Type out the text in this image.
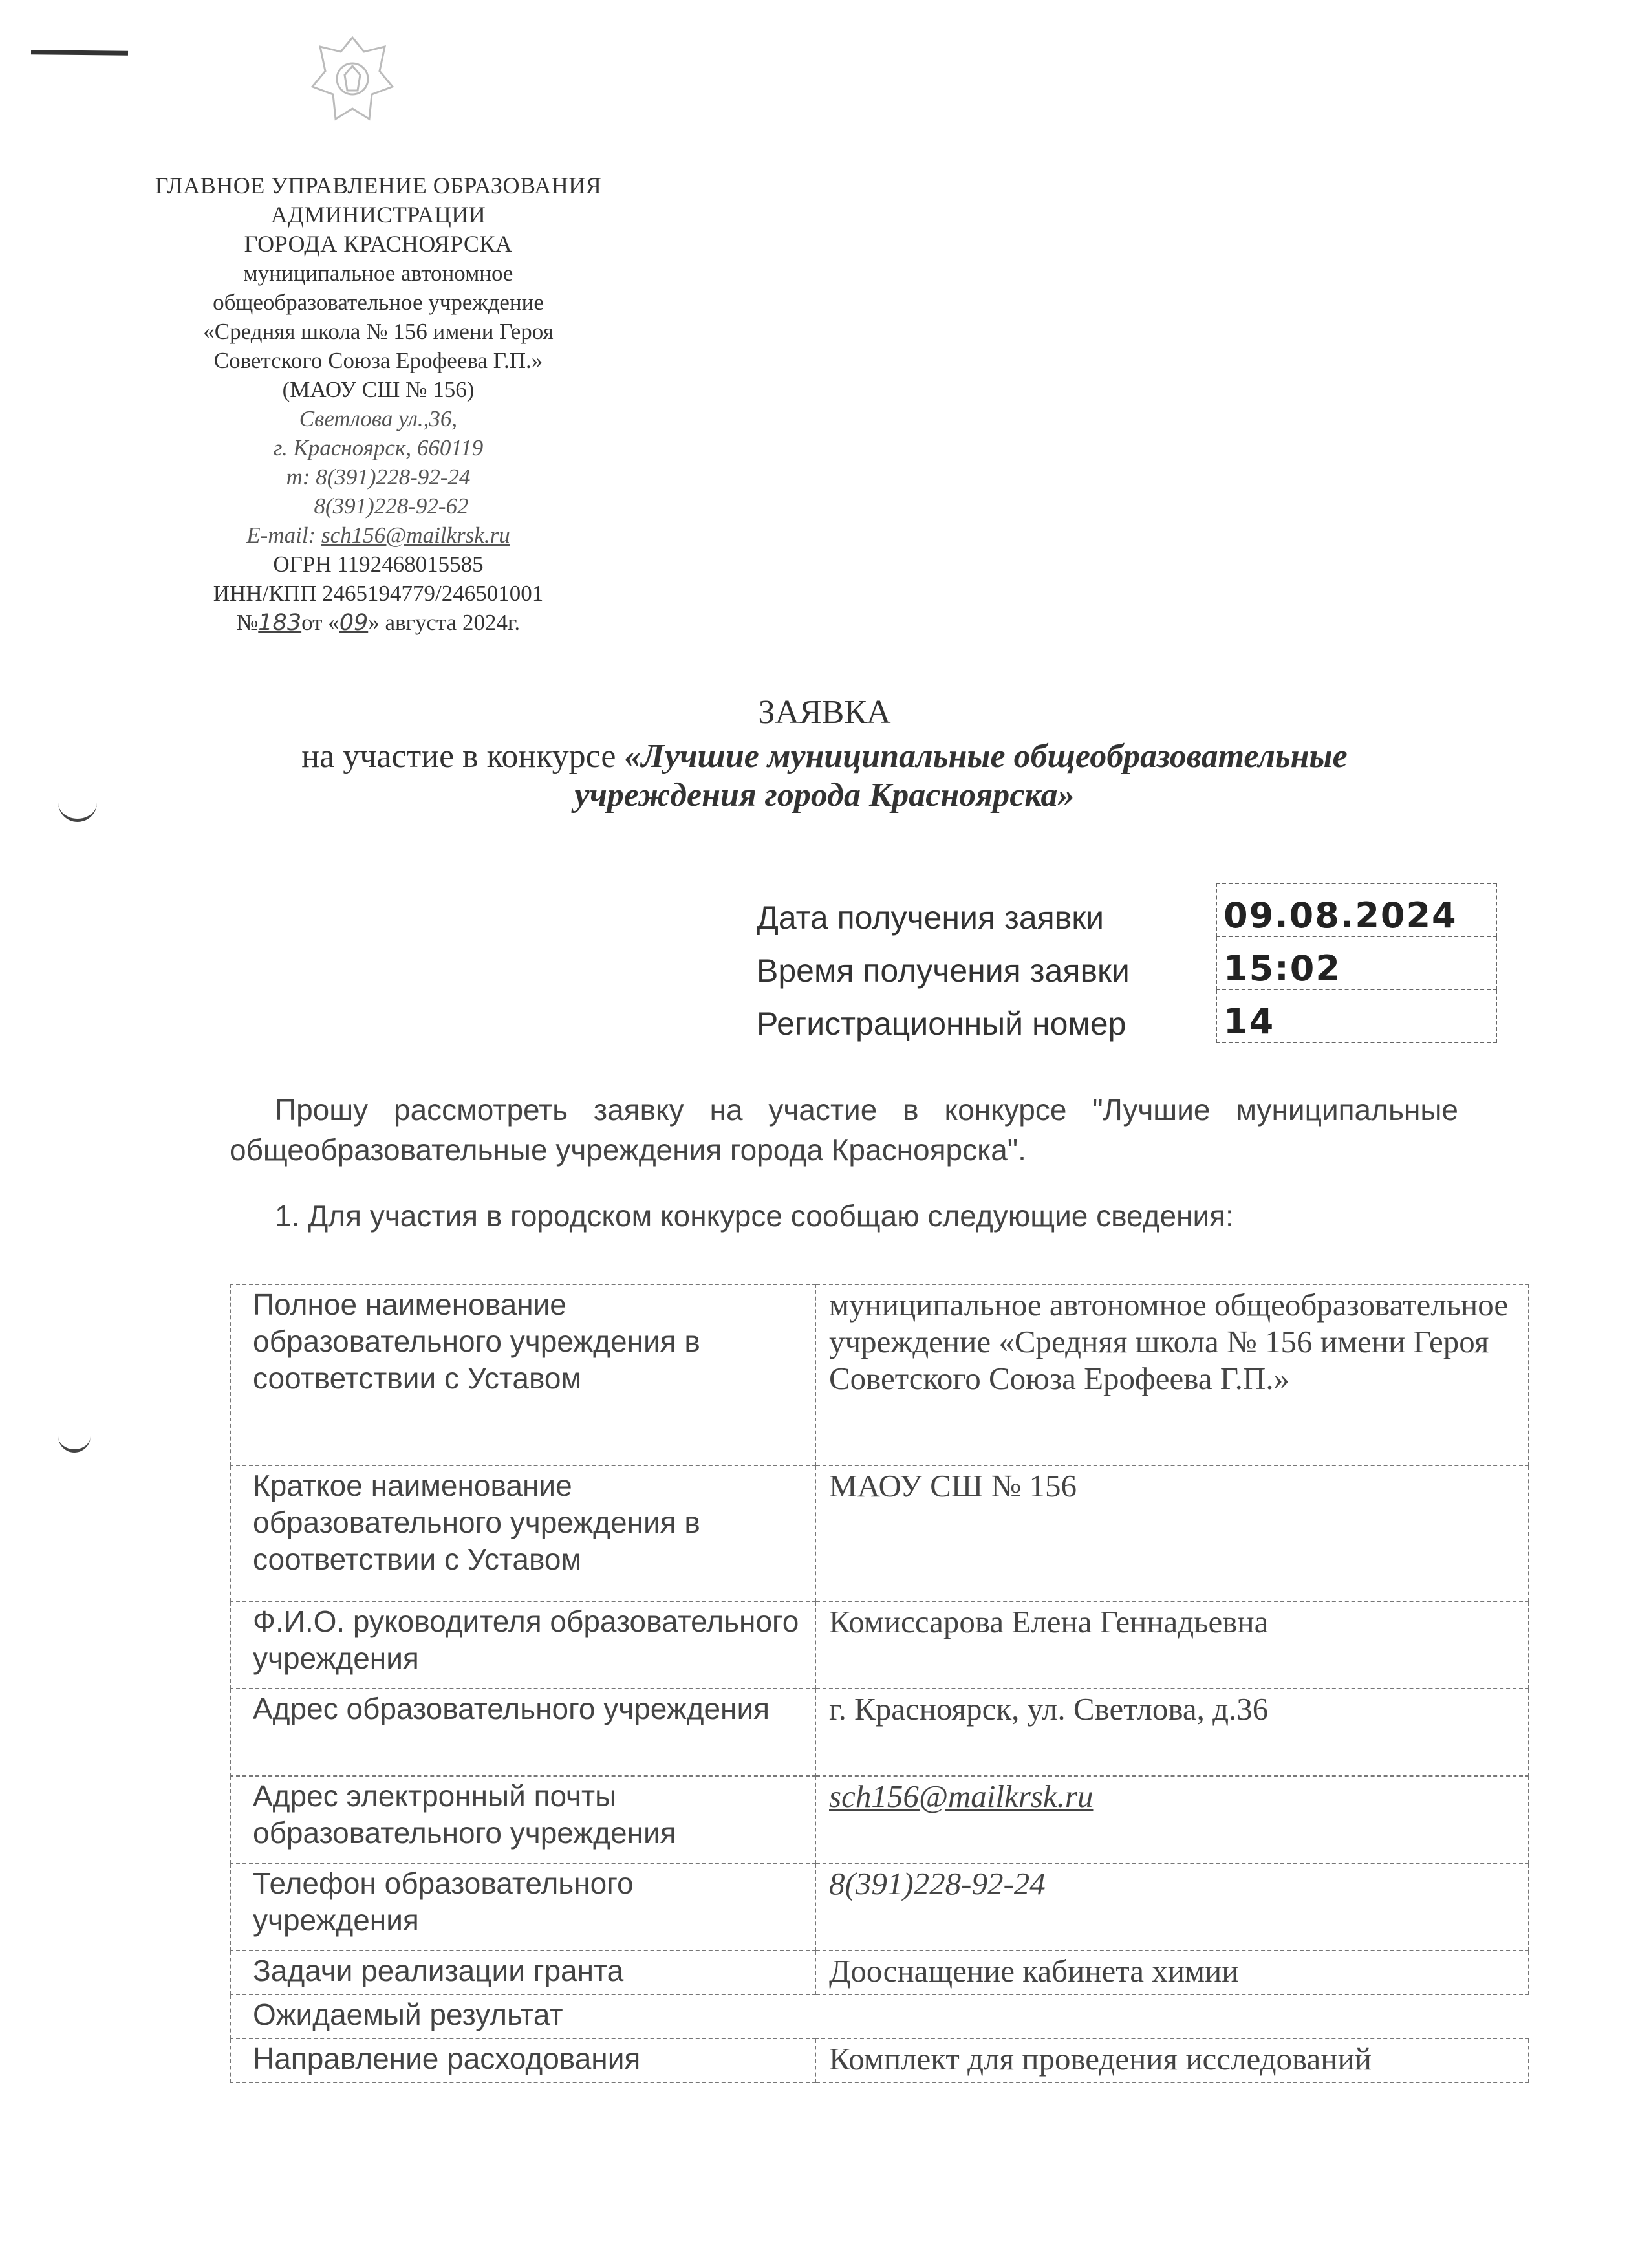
ГЛАВНОЕ УПРАВЛЕНИЕ ОБРАЗОВАНИЯ
АДМИНИСТРАЦИИ
ГОРОДА КРАСНОЯРСКА
муниципальное автономное
общеобразовательное учреждение
«Средняя школа № 156 имени Героя
Советского Союза Ерофеева Г.П.»
(МАОУ СШ № 156)
Светлова ул.,36,
г. Красноярск, 660119
т: 8(391)228-92-24
8(391)228-92-62
E-mail: sch156@mailkrsk.ru
ОГРН 1192468015585
ИНН/КПП 2465194779/246501001
№183от «09» августа 2024г.
ЗАЯВКА
на участие в конкурсе «Лучшие муниципальные общеобразовательные
учреждения города Красноярска»
Дата получения заявки	09.08.2024
Время получения заявки	15:02
Регистрационный номер	14
Прошу рассмотреть заявку на участие в конкурсе "Лучшие муниципальные общеобразовательные учреждения города Красноярска".
1. Для участия в городском конкурсе сообщаю следующие сведения:
Полное наименование образовательного учреждения в соответствии с Уставом	муниципальное автономное общеобразовательное учреждение «Средняя школа № 156 имени Героя Советского Союза Ерофеева Г.П.»
Краткое наименование образовательного учреждения в соответствии с Уставом	МАОУ СШ № 156
Ф.И.О. руководителя образовательного учреждения	Комиссарова Елена Геннадьевна
Адрес образовательного учреждения	г. Красноярск, ул. Светлова, д.36
Адрес электронный почты образовательного учреждения	sch156@mailkrsk.ru
Телефон образовательного учреждения	8(391)228-92-24
Задачи реализации гранта	Дооснащение кабинета химии
Ожидаемый результат	
Направление расходования	Комплект для проведения исследований
